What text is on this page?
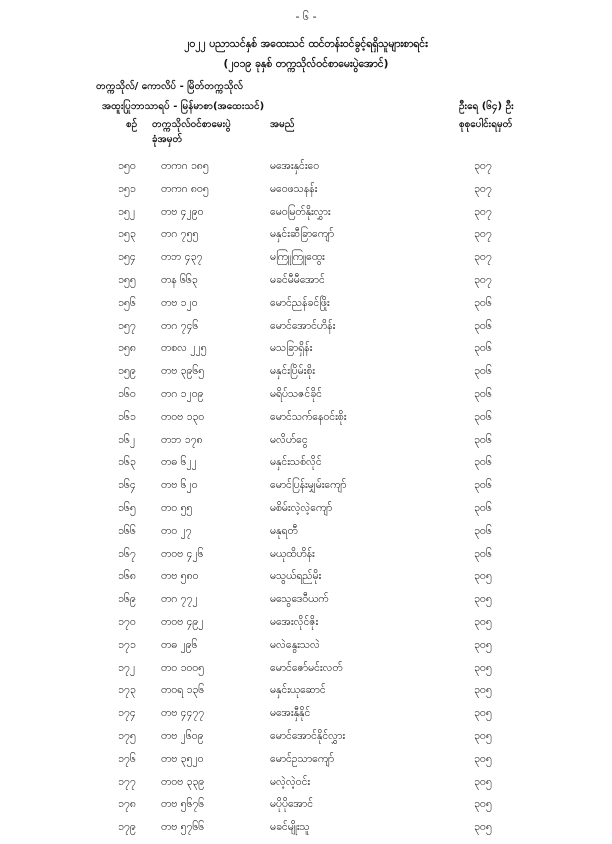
- ၆ -
၂၀၂၂ ပညာသင်နှစ် အထေးသင် ထင်တန်းဝင်ခွင့်ရရှိသူများစာရင်း
(၂၀၁၉ ခုနှစ် တက္ကသိုလ်ဝင်စာမေးပွဲအောင်)
တက္ကသိုလ်/ ကောလိပ် - မြိတ်တက္ကသိုလ်
အထူးပြုဘာသာရပ် - မြန်မာစာ(အထေးသင်)	ဦးရေ (၆၄) ဦး
စဉ် တက္ကသိုလ်ဝင်စာမေးပွဲ
ခုံအမှတ်
အမည်	စုစုပေါင်းရမှတ်
၁၅၀ တကဂ ၁၈၅	မအေးနှင်းဝေ	၃၀၇
၁၅၁ တကဂ ၈၀၅	မဝေဖသနန်း	၃၀၇
၁၅၂ တဗ ၄၂၉၀	မေဝမြတ်နိုးလွှား	၃၀၇
၁၅၃ တဂ ၇၅၅	မနှင်းဆီခြာကျော်	၃၀၇
၁၅၄ တဘ ၄၃၇	မကြူကြူထွေး	၃၀၇
၁၅၅ တန ၆၆၃	မခင်မီမီအောင်	၃၀၇
၁၅၆ တဗ ၁၂၀	မောင်ညန်ခင်ဖြိုး	၃၀၆
၁၅၇ တဂ ၇၄၆	မောင်အောင်ဟိန်း	၃၀၆
၁၅၈ တစလ ၂၂၅	မသခြာရှိန်း	၃၀၆
၁၅၉ တဗ ၃၉၆၅	မနှင်းပြိမ်းစိုး	၃၀၆
၁၆၀ တဂ ၁၂၀၉	မရိပ်သဇင်ခိုင်	၃၀၆
၁၆၁ တ၀ဗ ၁၃၀	မောင်သက်နေဝင်းစိုး	၃၀၆
၁၆၂ တဘ ၁၇၈	မလိဟ်ငွေ	၃၀၆
၁၆၃ တဓ ၆၂၂	မနှင်းသစ်လိုင်	၃၀၆
၁၆၄ တဗ ၆၂၀	မောင်ပြန်းမျှမ်းကျော်	၃၀၆
၁၆၅ တဝ ၅၅	မစိမ်းလဲ့လဲ့ကျော်	၃၀၆
၁၆၆ တဝ ၂၇	မနုရတီ	၃၀၆
၁၆၇ တ၀ဗ ၄၂၆	မယုထိဟိန်း	၃၀၆
၁၆၈ တဗ ၅၈၀	မသွယ်ရည်မိုး	၃၀၅
၁၆၉ တဂ ၇၇၂	မသွေဒေဝီယက်	၃၀၅
၁၇၀ တ၀ဗ ၄၉၂	မအေးလိုင်ဇိုး	၃၀၅
၁၇၁ တဓ ၂၉၆	မလဲနွေးသလဲ	၃၀၅
၁၇၂ တဝ ၁၀၀၅	မောင်ဇော်မင်းလတ်	၃၀၅
၁၇၃ တ၀ရ ၁၃၆	မနှင်းယုဆောင်	၃၀၅
၁၇၄ တဗ ၄၄၇၇	မအေးနှီနိုင်	၃၀၅
၁၇၅ တဗ ၂၆၀၉	မောင်အောင်နိုင်လွှား	၃၀၅
၁၇၆ တဗ ၃၅၂၀	မောင်ဥသာကျော်	၃၀၅
၁၇၇ တ၀ဗ ၃၃၉	မလဲ့လဲ့ဝင်း	၃၀၅
၁၇၈ တဗ ၅၆၇၆	မပိုပိုအောင်	၃၀၅
၁၇၉ တဗ ၅၇၆၆	မခင်မျိုးသူ	၃၀၅
